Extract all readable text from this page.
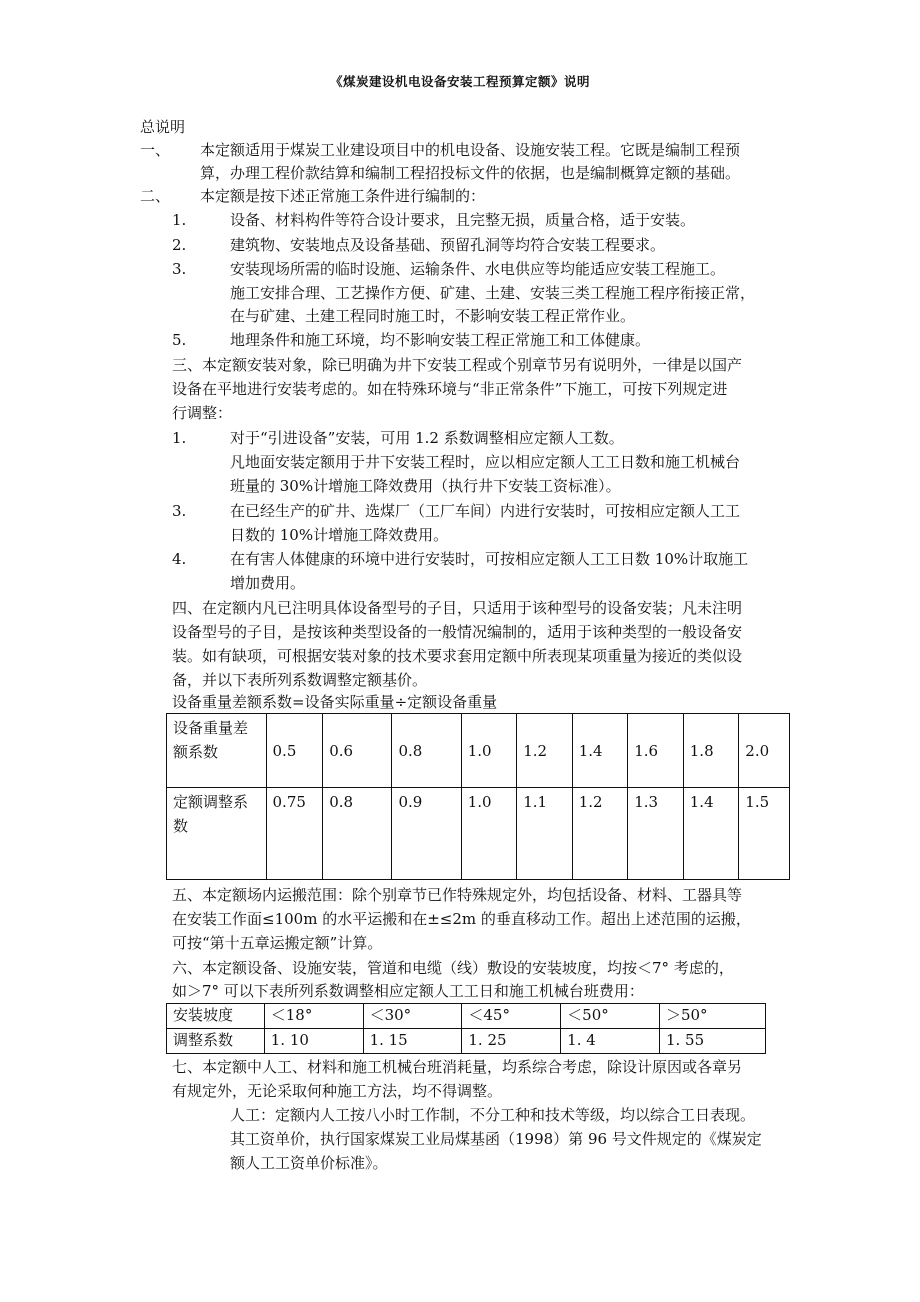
《煤炭建设机电设备安装工程预算定额》说明
总说明
一、 本定额适用于煤炭工业建设项目中的机电设备、设施安装工程。它既是编制工程预
算，办理工程价款结算和编制工程招投标文件的依据，也是编制概算定额的基础。
二、 本定额是按下述正常施工条件进行编制的：
1.	设备、材料构件等符合设计要求，且完整无损，质量合格，适于安装。
2.	建筑物、安装地点及设备基础、预留孔洞等均符合安装工程要求。
3.	安装现场所需的临时设施、运输条件、水电供应等均能适应安装工程施工。
施工安排合理、工艺操作方便、矿建、土建、安装三类工程施工程序衔接正常，
在与矿建、土建工程同时施工时，不影响安装工程正常作业。
5.	地理条件和施工环境，均不影响安装工程正常施工和工体健康。
三、本定额安装对象，除已明确为井下安装工程或个别章节另有说明外，一律是以国产
设备在平地进行安装考虑的。如在特殊环境与“非正常条件”下施工，可按下列规定进
行调整：
1.	对于“引进设备”安装，可用 1.2 系数调整相应定额人工数。
凡地面安装定额用于井下安装工程时，应以相应定额人工工日数和施工机械台
班量的 30%计增施工降效费用（执行井下安装工资标准）。
3.	在已经生产的矿井、选煤厂（工厂车间）内进行安装时，可按相应定额人工工
日数的 10%计增施工降效费用。
4.	在有害人体健康的环境中进行安装时，可按相应定额人工工日数 10%计取施工
增加费用。
四、在定额内凡已注明具体设备型号的子目，只适用于该种型号的设备安装；凡未注明
设备型号的子目，是按该种类型设备的一般情况编制的，适用于该种类型的一般设备安
装。如有缺项，可根据安装对象的技术要求套用定额中所表现某项重量为接近的类似设
备，并以下表所列系数调整定额基价。
设备重量差额系数=设备实际重量÷定额设备重量
设备重量差
额系数	0.5	0.6	0.8	1.0	1.2	1.4	1.6	1.8	2.0

定额调整系
数	0.75	0.8	0.9	1.0	1.1	1.2	1.3	1.4	1.5
五、本定额场内运搬范围：除个别章节已作特殊规定外，均包括设备、材料、工器具等
在安装工作面≤100m 的水平运搬和在±≤2m 的垂直移动工作。超出上述范围的运搬，
可按“第十五章运搬定额”计算。
六、本定额设备、设施安装，管道和电缆（线）敷设的安装坡度，均按＜7° 考虑的，
如＞7° 可以下表所列系数调整相应定额人工工日和施工机械台班费用：
安装坡度	＜18°	＜30°	＜45°	＜50°	＞50°
调整系数	1. 10	1. 15	1. 25	1. 4	1. 55
七、本定额中人工、材料和施工机械台班消耗量，均系综合考虑，除设计原因或各章另
有规定外，无论采取何种施工方法，均不得调整。
人工：定额内人工按八小时工作制，不分工种和技术等级，均以综合工日表现。
其工资单价，执行国家煤炭工业局煤基函（1998）第 96 号文件规定的《煤炭定
额人工工资单价标准》。
